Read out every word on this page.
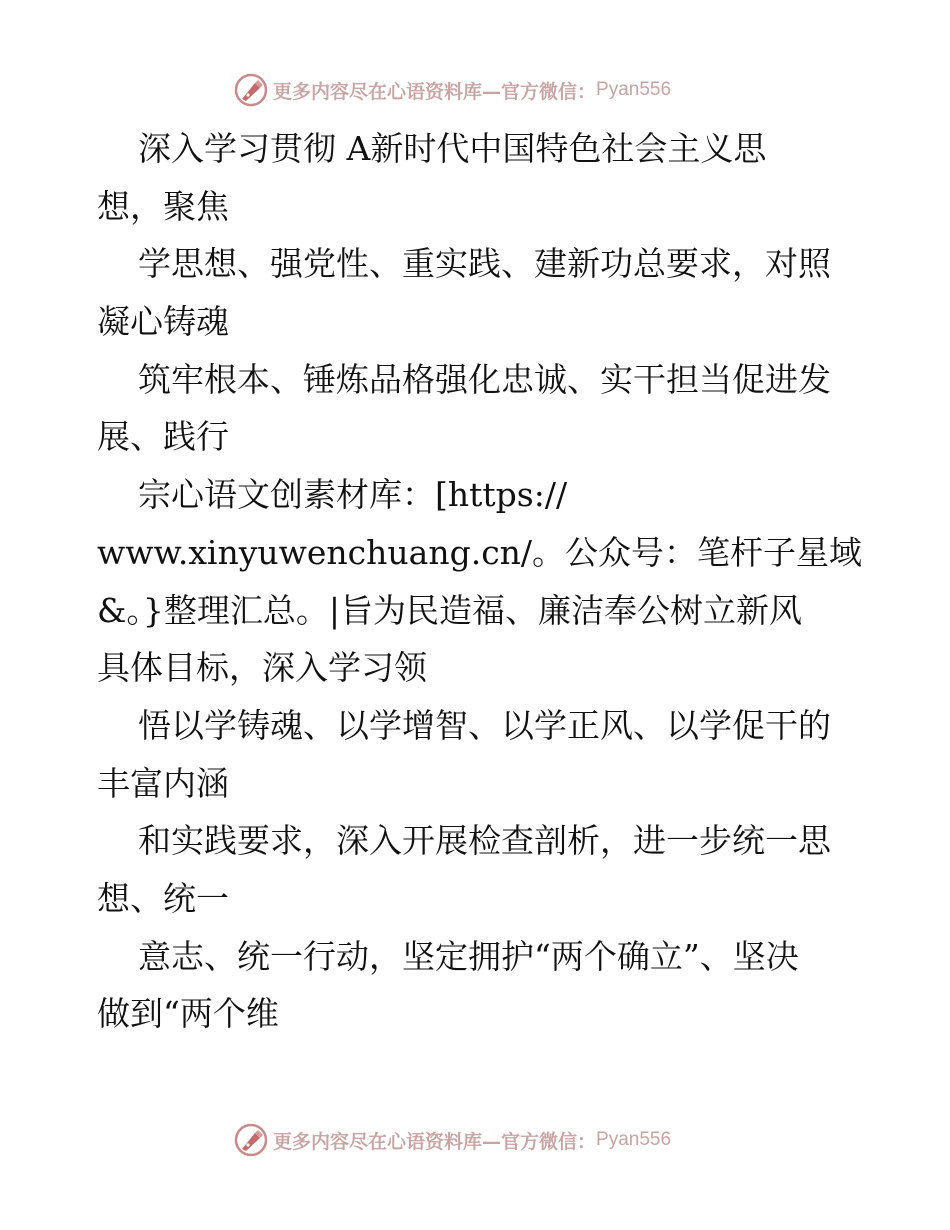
更多内容尽在心语资料库—官方微信： Pyan556
深入学习贯彻 A新时代中国特色社会主义思
想，聚焦
学思想、强党性、重实践、建新功总要求，对照
凝心铸魂
筑牢根本、锤炼品格强化忠诚、实干担当促进发
展、践行
宗心语文创素材库：[https://
www.xinyuwenchuang.cn/。公众号：笔杆子星域
&。}整理汇总。|旨为民造福、廉洁奉公树立新风
具体目标，深入学习领
悟以学铸魂、以学增智、以学正风、以学促干的
丰富内涵
和实践要求，深入开展检查剖析，进一步统一思
想、统一
意志、统一行动，坚定拥护“两个确立”、坚决
做到“两个维
更多内容尽在心语资料库—官方微信： Pyan556
